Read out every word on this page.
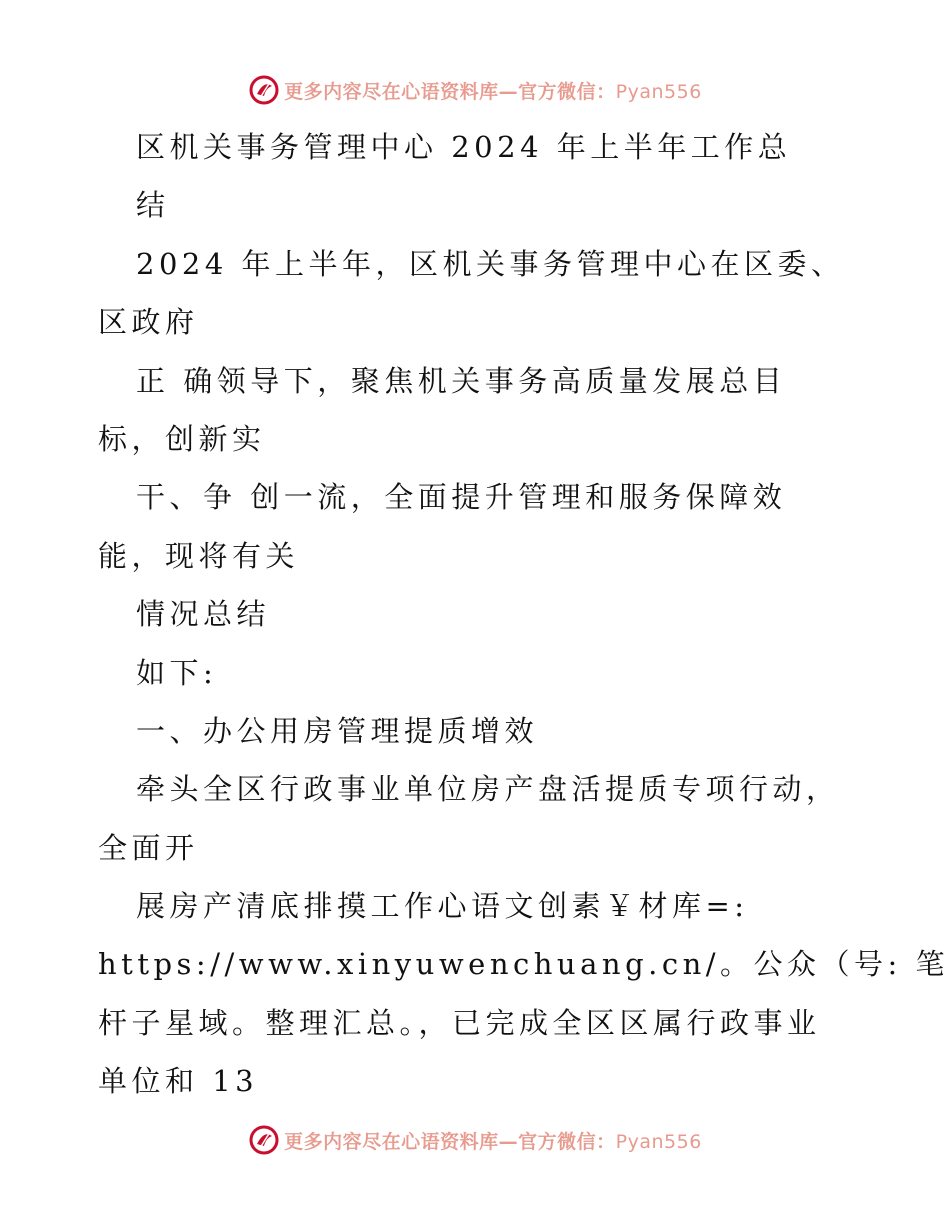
更多内容尽在心语资料库—官方微信：Pyan556
区机关事务管理中心 2024 年上半年工作总
结
2024 年上半年，区机关事务管理中心在区委、
区政府
正 确领导下，聚焦机关事务高质量发展总目
标，创新实
干、争 创一流，全面提升管理和服务保障效
能，现将有关
情况总结
如下:
一、办公用房管理提质增效
牵头全区行政事业单位房产盘活提质专项行动，
全面开
展房产清底排摸工作心语文创素￥材库=:
https://www.xinyuwenchuang.cn/。公众（号: 笔
杆子星域。整理汇总。，已完成全区区属行政事业
单位和 13
更多内容尽在心语资料库—官方微信：Pyan556
